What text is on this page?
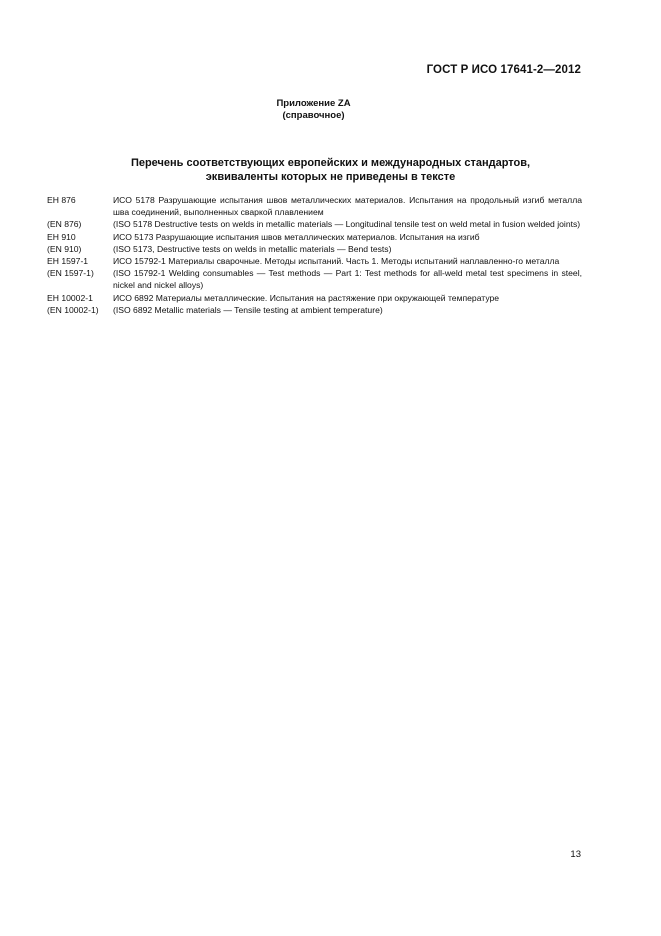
ГОСТ Р ИСО 17641-2—2012
Приложение ZA
(справочное)
Перечень соответствующих европейских и международных стандартов,
эквиваленты которых не приведены в тексте
ЕН 876	ИСО 5178 Разрушающие испытания швов металлических материалов. Испытания на продольный изгиб металла шва соединений, выполненных сваркой плавлением
(EN 876)	(ISO 5178 Destructive tests on welds in metallic materials — Longitudinal tensile test on weld metal in fusion welded joints)
ЕН 910	ИСО 5173 Разрушающие испытания швов металлических материалов. Испытания на изгиб
(EN 910)	(ISO 5173, Destructive tests on welds in metallic materials — Bend tests)
ЕН 1597-1	ИСО 15792-1 Материалы сварочные. Методы испытаний. Часть 1. Методы испытаний наплавленно-го металла
(EN 1597-1)	(ISO 15792-1 Welding consumables — Test methods — Part 1: Test methods for all-weld metal test specimens in steel, nickel and nickel alloys)
ЕН 10002-1	ИСО 6892 Материалы металлические. Испытания на растяжение при окружающей температуре
(EN 10002-1)	(ISO 6892 Metallic materials — Tensile testing at ambient temperature)
13
